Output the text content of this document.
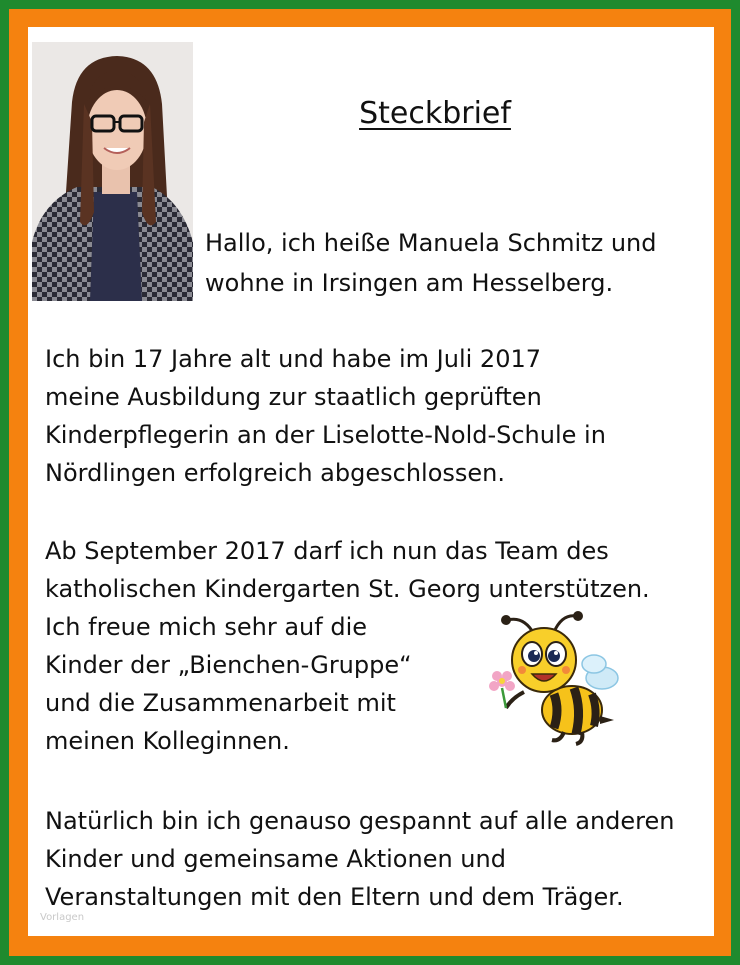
Steckbrief
Hallo, ich heiße Manuela Schmitz und
wohne in Irsingen am Hesselberg.
Ich bin 17 Jahre alt und habe im Juli 2017
meine Ausbildung zur staatlich geprüften
Kinderpflegerin an der Liselotte-Nold-Schule in
Nördlingen erfolgreich abgeschlossen.
Ab September 2017 darf ich nun das Team des
katholischen Kindergarten St. Georg unterstützen.
Ich freue mich sehr auf die
Kinder der „Bienchen-Gruppe“
und die Zusammenarbeit mit
meinen Kolleginnen.
Natürlich bin ich genauso gespannt auf alle anderen
Kinder und gemeinsame Aktionen und
Veranstaltungen mit den Eltern und dem Träger.
Vorlagen
